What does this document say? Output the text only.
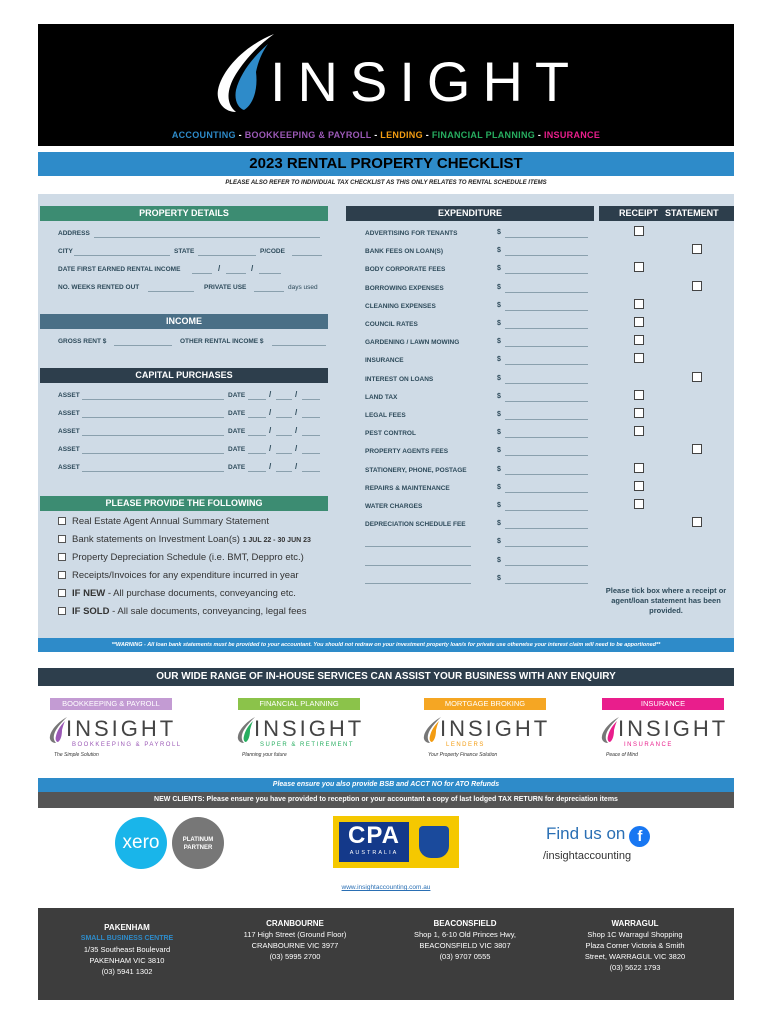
INSIGHT
ACCOUNTING - BOOKKEEPING & PAYROLL - LENDING - FINANCIAL PLANNING - INSURANCE
2023 RENTAL PROPERTY CHECKLIST
PLEASE ALSO REFER TO INDIVIDUAL TAX CHECKLIST AS THIS ONLY RELATES TO RENTAL SCHEDULE ITEMS
PROPERTY DETAILS
ADDRESS
CITY	STATE	P/CODE
DATE FIRST EARNED RENTAL INCOME	/	/
NO. WEEKS RENTED OUT	PRIVATE USE	days used
INCOME
GROSS RENT $	OTHER RENTAL INCOME $
CAPITAL PURCHASES
ASSET	DATE	/	/
ASSET	DATE	/	/
ASSET	DATE	/	/
ASSET	DATE	/	/
ASSET	DATE	/	/
PLEASE PROVIDE THE FOLLOWING
Real Estate Agent Annual Summary Statement
Bank statements on Investment Loan(s) 1 JUL 22 - 30 JUN 23
Property Depreciation Schedule (i.e. BMT, Deppro etc.)
Receipts/Invoices for any expenditure incurred in year
IF NEW - All purchase documents, conveyancing etc.
IF SOLD - All sale documents, conveyancing, legal fees
EXPENDITURE	RECEIPT STATEMENT
ADVERTISING FOR TENANTS	$
BANK FEES ON LOAN(S)	$
BODY CORPORATE FEES	$
BORROWING EXPENSES	$
CLEANING EXPENSES	$
COUNCIL RATES	$
GARDENING / LAWN MOWING	$
INSURANCE	$
INTEREST ON LOANS	$
LAND TAX	$
LEGAL FEES	$
PEST CONTROL	$
PROPERTY AGENTS FEES	$
STATIONERY, PHONE, POSTAGE	$
REPAIRS & MAINTENANCE	$
WATER CHARGES	$
DEPRECIATION SCHEDULE FEE	$
$
$
$
Please tick box where a receipt or agent/loan statement has been provided.
**WARNING - All loan bank statements must be provided to your accountant. You should not redraw on your investment property loan/s for private use otherwise your interest claim will need to be apportioned**
OUR WIDE RANGE OF IN-HOUSE SERVICES CAN ASSIST YOUR BUSINESS WITH ANY ENQUIRY
BOOKKEEPING & PAYROLL
INSIGHT
BOOKKEEPING & PAYROLL
The Simple Solution
FINANCIAL PLANNING
INSIGHT
SUPER & RETIREMENT
Planning your future
MORTGAGE BROKING
INSIGHT
LENDERS
Your Property Finance Solution
INSURANCE
INSIGHT
INSURANCE
Peace of Mind
Please ensure you also provide BSB and ACCT NO for ATO Refunds
NEW CLIENTS: Please ensure you have provided to reception or your accountant a copy of last lodged TAX RETURN for depreciation items
xero	PLATINUM PARTNER	CPA
AUSTRALIA
Find us on f
/insightaccounting
www.insightaccounting.com.au
PAKENHAM
SMALL BUSINESS CENTRE
1/35 Southeast Boulevard
PAKENHAM VIC 3810
(03) 5941 1302
CRANBOURNE
117 High Street (Ground Floor)
CRANBOURNE VIC 3977
(03) 5995 2700
BEACONSFIELD
Shop 1, 6-10 Old Princes Hwy,
BEACONSFIELD VIC 3807
(03) 9707 0555
WARRAGUL
Shop 1C Warragul Shopping
Plaza Corner Victoria & Smith
Street, WARRAGUL VIC 3820
(03) 5622 1793
